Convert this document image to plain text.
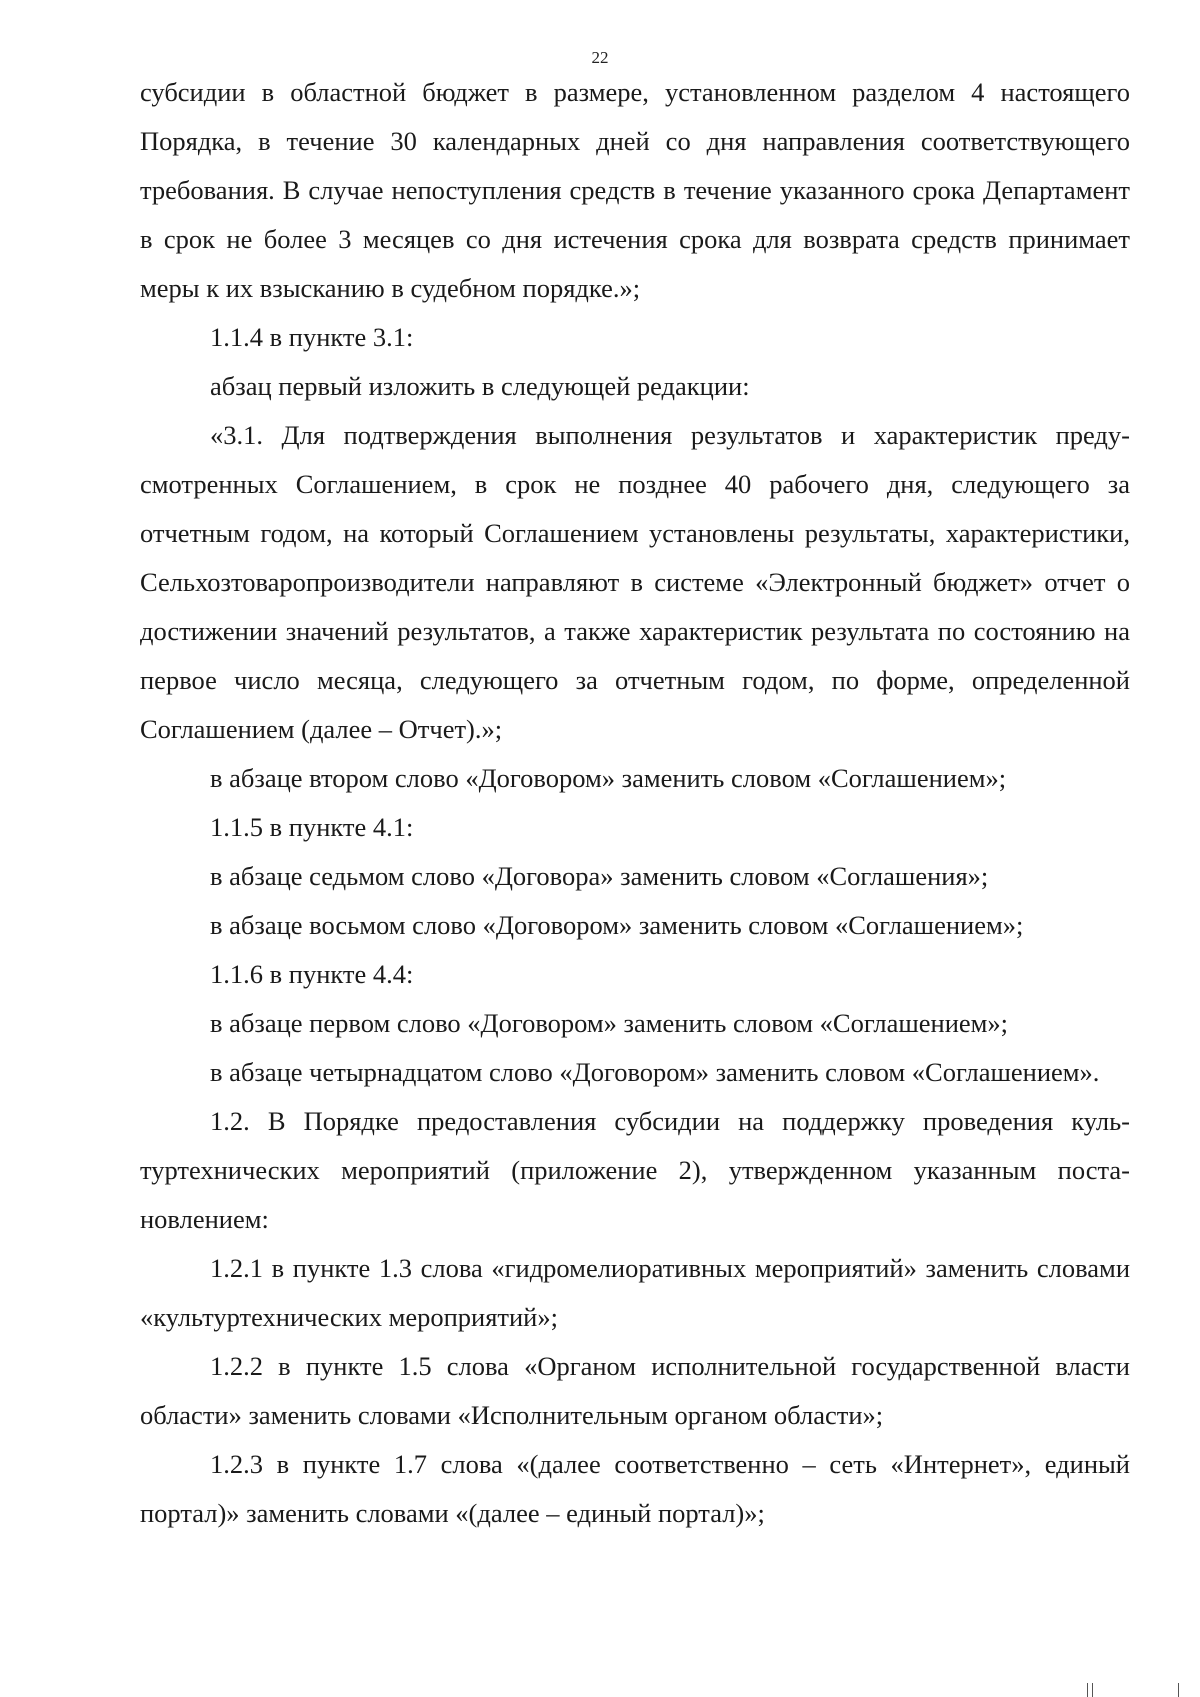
22

субсидии в областной бюджет в размере, установленном разделом 4 настоящего Порядка, в течение 30 календарных дней со дня направления соответствующего требования. В случае непоступления средств в течение указанного срока Департамент в срок не более 3 месяцев со дня истечения срока для возврата средств принимает меры к их взысканию в судебном порядке.»;

1.1.4 в пункте 3.1:

абзац первый изложить в следующей редакции:

«3.1. Для подтверждения выполнения результатов и характеристик предусмотренных Соглашением, в срок не позднее 40 рабочего дня, следующего за отчетным годом, на который Соглашением установлены результаты, характеристики, Сельхозтоваропроизводители направляют в системе «Электронный бюджет» отчет о достижении значений результатов, а также характеристик результата по состоянию на первое число месяца, следующего за отчетным годом, по форме, определенной Соглашением (далее – Отчет).»;

в абзаце втором слово «Договором» заменить словом «Соглашением»;

1.1.5 в пункте 4.1:

в абзаце седьмом слово «Договора» заменить словом «Соглашения»;

в абзаце восьмом слово «Договором» заменить словом «Соглашением»;

1.1.6 в пункте 4.4:

в абзаце первом слово «Договором» заменить словом «Соглашением»;

в абзаце четырнадцатом слово «Договором» заменить словом «Соглашением».

1.2. В Порядке предоставления субсидии на поддержку проведения культуртехнических мероприятий (приложение 2), утвержденном указанным постановлением:

1.2.1 в пункте 1.3 слова «гидромелиоративных мероприятий» заменить словами «культуртехнических мероприятий»;

1.2.2 в пункте 1.5 слова «Органом исполнительной государственной власти области» заменить словами «Исполнительным органом области»;

1.2.3 в пункте 1.7 слова «(далее соответственно – сеть «Интернет», единый портал)» заменить словами «(далее – единый портал)»;
